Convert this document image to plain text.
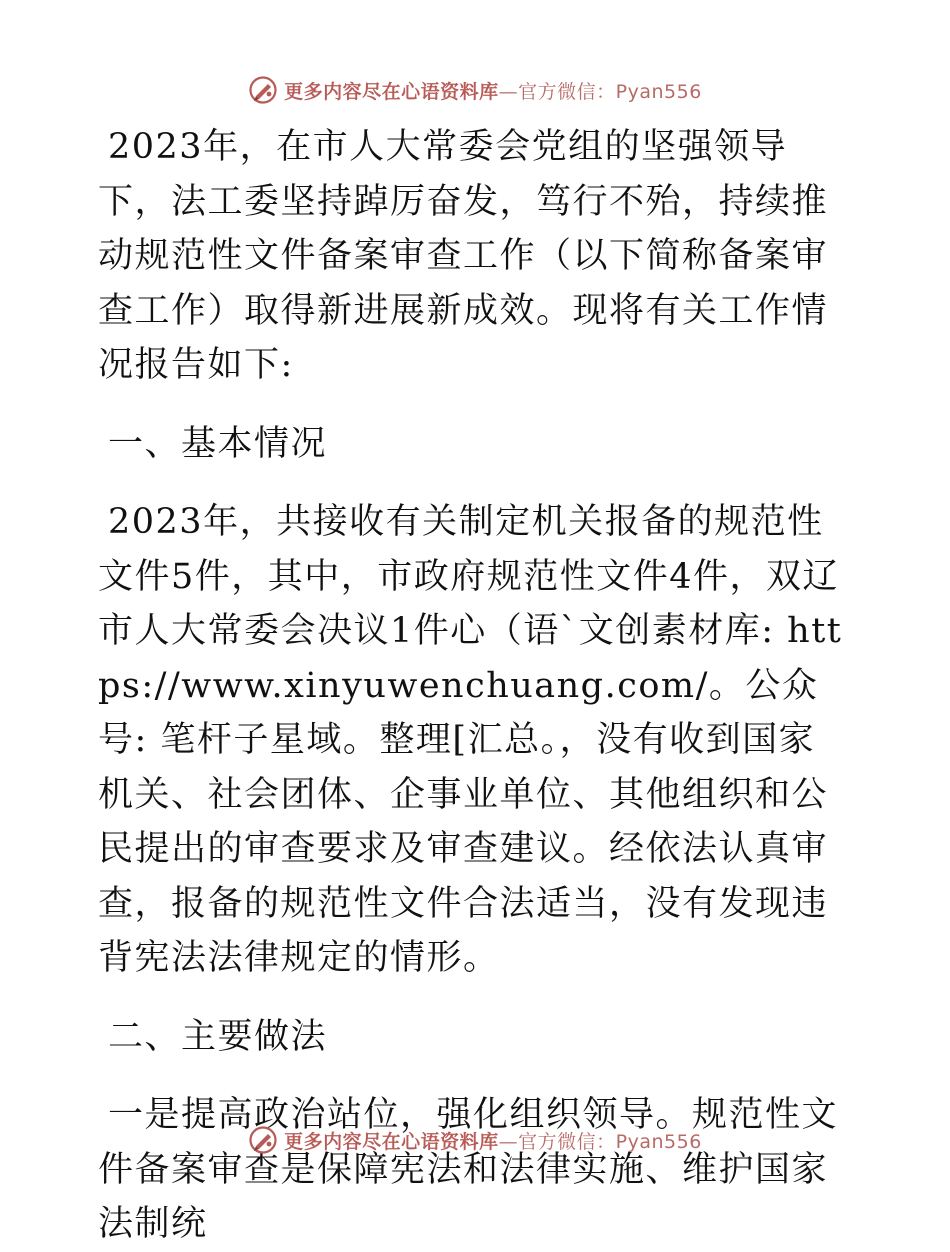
更多内容尽在心语资料库—官方微信：Pyan556

2023年，在市人大常委会党组的坚强领导下，法工委坚持踔厉奋发，笃行不殆，持续推动规范性文件备案审查工作（以下简称备案审查工作）取得新进展新成效。现将有关工作情况报告如下:

一、基本情况

2023年，共接收有关制定机关报备的规范性文件5件，其中，市政府规范性文件4件，双辽市人大常委会决议1件心（语`文创素材库: https://www.xinyuwenchuang.com/。公众号: 笔杆子星域。整理[汇总。，没有收到国家机关、社会团体、企事业单位、其他组织和公民提出的审查要求及审查建议。经依法认真审查，报备的规范性文件合法适当，没有发现违背宪法法律规定的情形。

二、主要做法

一是提高政治站位，强化组织领导。规范性文件备案审查是保障宪法和法律实施、维护国家法制统

更多内容尽在心语资料库—官方微信：Pyan556
